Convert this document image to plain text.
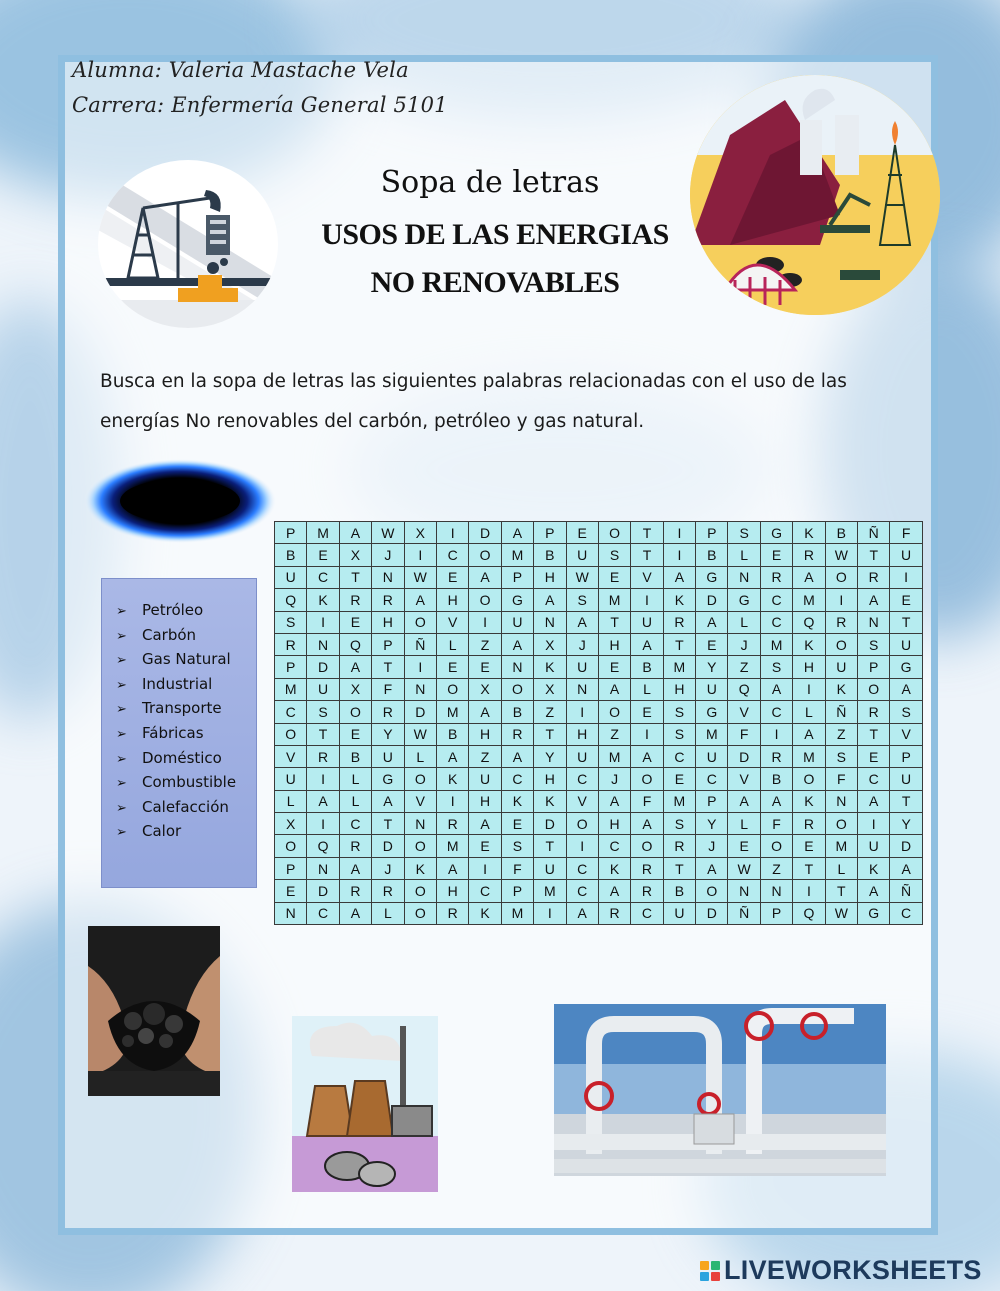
Alumna: Valeria Mastache Vela
Carrera: Enfermería General 5101
Sopa de letras
USOS DE LAS ENERGIAS
NO RENOVABLES
Busca en la sopa de letras las siguientes palabras relacionadas con el uso de las energías No renovables del carbón, petróleo y gas natural.
➢ Petróleo
➢ Carbón
➢ Gas Natural
➢ Industrial
➢ Transporte
➢ Fábricas
➢ Doméstico
➢ Combustible
➢ Calefacción
➢ Calor
P	M	A	W	X	I	D	A	P	E	O	T	I	P	S	G	K	B	Ñ	F
B	E	X	J	I	C	O	M	B	U	S	T	I	B	L	E	R	W	T	U
U	C	T	N	W	E	A	P	H	W	E	V	A	G	N	R	A	O	R	I
Q	K	R	R	A	H	O	G	A	S	M	I	K	D	G	C	M	I	A	E
S	I	E	H	O	V	I	U	N	A	T	U	R	A	L	C	Q	R	N	T
R	N	Q	P	Ñ	L	Z	A	X	J	H	A	T	E	J	M	K	O	S	U
P	D	A	T	I	E	E	N	K	U	E	B	M	Y	Z	S	H	U	P	G
M	U	X	F	N	O	X	O	X	N	A	L	H	U	Q	A	I	K	O	A
C	S	O	R	D	M	A	B	Z	I	O	E	S	G	V	C	L	Ñ	R	S
O	T	E	Y	W	B	H	R	T	H	Z	I	S	M	F	I	A	Z	T	V
V	R	B	U	L	A	Z	A	Y	U	M	A	C	U	D	R	M	S	E	P
U	I	L	G	O	K	U	C	H	C	J	O	E	C	V	B	O	F	C	U
L	A	L	A	V	I	H	K	K	V	A	F	M	P	A	A	K	N	A	T
X	I	C	T	N	R	A	E	D	O	H	A	S	Y	L	F	R	O	I	Y
O	Q	R	D	O	M	E	S	T	I	C	O	R	J	E	O	E	M	U	D
P	N	A	J	K	A	I	F	U	C	K	R	T	A	W	Z	T	L	K	A
E	D	R	R	O	H	C	P	M	C	A	R	B	O	N	N	I	T	A	Ñ
N	C	A	L	O	R	K	M	I	A	R	C	U	D	Ñ	P	Q	W	G	C
LIVEWORKSHEETS
